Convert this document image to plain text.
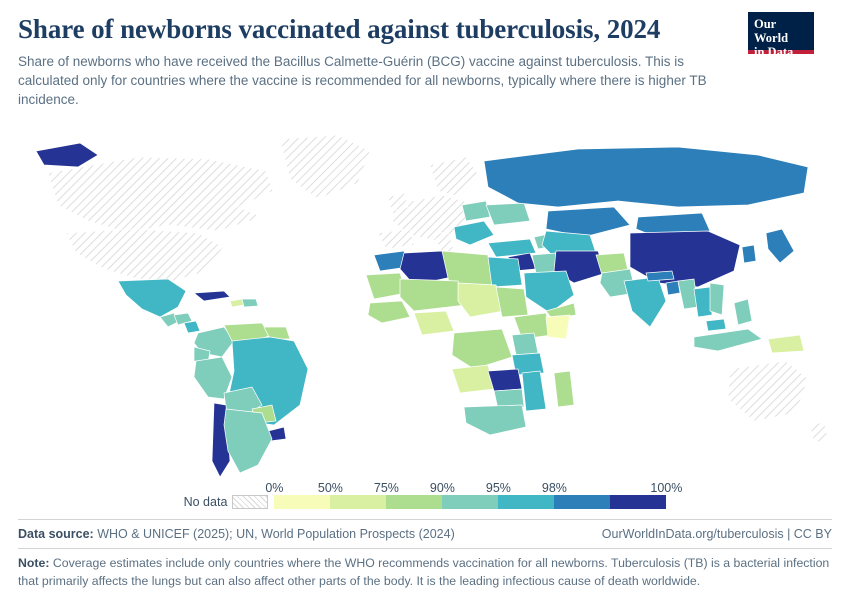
Share of newborns vaccinated against tuberculosis, 2024

Share of newborns who have received the Bacillus Calmette-Guérin (BCG) vaccine against tuberculosis. This is calculated only for countries where the vaccine is recommended for all newborns, typically where there is higher TB incidence.

Our World
in Data
No data
0%	50% 75% 90% 95% 98%	100%
Data source: WHO & UNICEF (2025); UN, World Population Prospects (2024)	OurWorldInData.org/tuberculosis | CC BY
Note: Coverage estimates include only countries where the WHO recommends vaccination for all newborns. Tuberculosis (TB) is a bacterial infection that primarily affects the lungs but can also affect other parts of the body. It is the leading infectious cause of death worldwide.
